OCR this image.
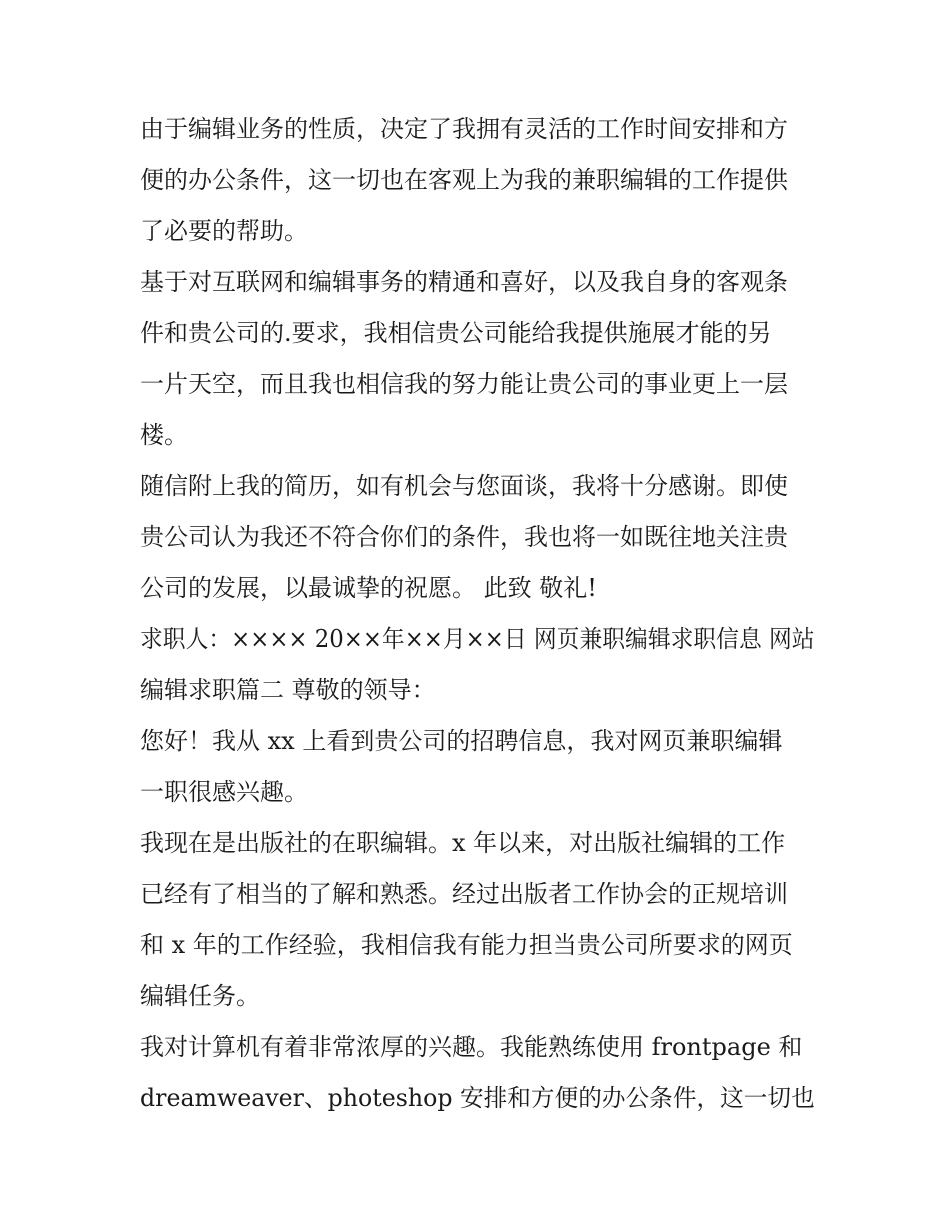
由于编辑业务的性质，决定了我拥有灵活的工作时间安排和方

便的办公条件，这一切也在客观上为我的兼职编辑的工作提供

了必要的帮助。

基于对互联网和编辑事务的精通和喜好，以及我自身的客观条

件和贵公司的.要求，我相信贵公司能给我提供施展才能的另

一片天空，而且我也相信我的努力能让贵公司的事业更上一层

楼。

随信附上我的简历，如有机会与您面谈，我将十分感谢。即使

贵公司认为我还不符合你们的条件，我也将一如既往地关注贵

公司的发展，以最诚挚的祝愿。 此致 敬礼!

求职人：×××× 20××年××月××日 网页兼职编辑求职信息 网站

编辑求职篇二 尊敬的领导：

您好！我从 xx 上看到贵公司的招聘信息，我对网页兼职编辑

一职很感兴趣。

我现在是出版社的在职编辑。x 年以来，对出版社编辑的工作

已经有了相当的了解和熟悉。经过出版者工作协会的正规培训

和 x 年的工作经验，我相信我有能力担当贵公司所要求的网页

编辑任务。

我对计算机有着非常浓厚的兴趣。我能熟练使用 frontpage 和

dreamweaver、photeshop 安排和方便的办公条件，这一切也
